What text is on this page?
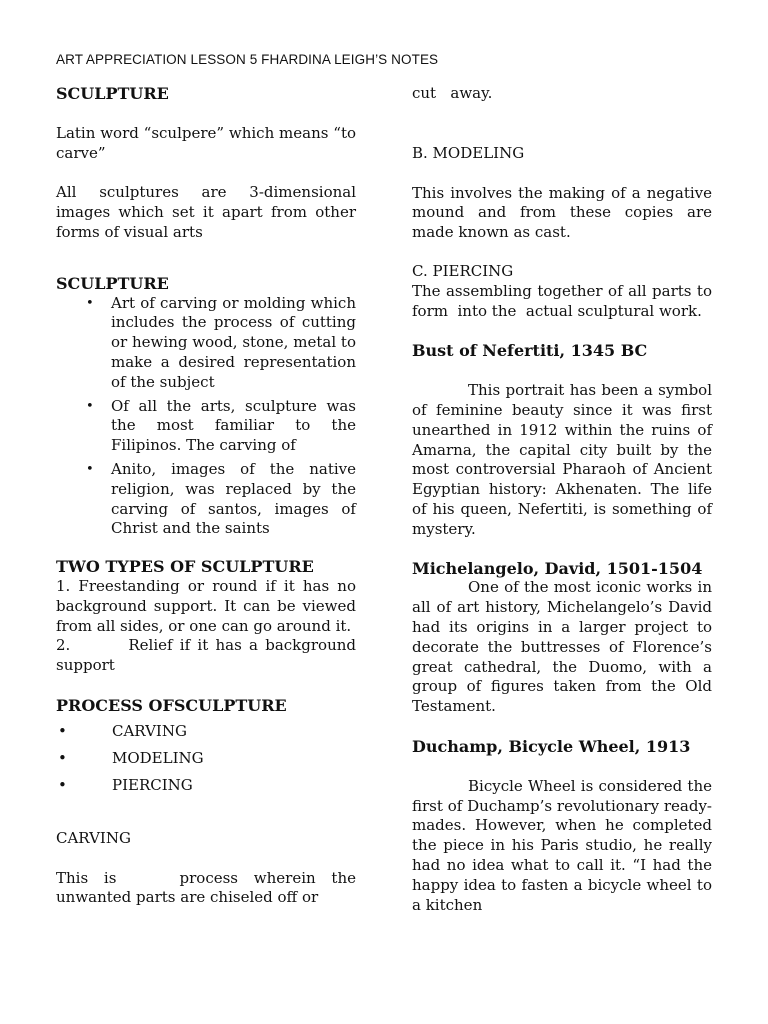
ART APPRECIATION LESSON 5 FHARDINA LEIGH’S NOTES

SCULPTURE

Latin word “sculpere” which means “to carve”

All sculptures are 3-dimensional images which set it apart from other forms of visual arts

SCULPTURE

• Art of carving or molding which includes the process of cutting or hewing wood, stone, metal to make a desired representation of the subject
• Of all the arts, sculpture was the most familiar to the Filipinos. The carving of
• Anito, images of the native religion, was replaced by the carving of santos, images of Christ and the saints

TWO TYPES OF SCULPTURE

1. Freestanding or round if it has no background support. It can be viewed from all sides, or one can go around it.

2.        Relief if it has a background support

PROCESS OFSCULPTURE

•	CARVING
•	MODELING
•	PIERCING

CARVING

This is    process wherein the unwanted parts are chiseled off or

cut   away.

B. MODELING

This involves the making of a negative mound and from these copies are made known as cast.

C. PIERCING

The assembling together of all parts to form  into the  actual sculptural work.

Bust of Nefertiti, 1345 BC

This portrait has been a symbol of feminine beauty since it was first unearthed in 1912 within the ruins of Amarna, the capital city built by the most controversial Pharaoh of Ancient Egyptian history: Akhenaten. The life of his queen, Nefertiti, is something of mystery.

Michelangelo, David, 1501-1504

One of the most iconic works in all of art history, Michelangelo’s David had its origins in a larger project to decorate the buttresses of Florence’s great cathedral, the Duomo, with a group of figures taken from the Old Testament.

Duchamp, Bicycle Wheel, 1913

Bicycle Wheel is considered the first of Duchamp’s revolutionary ready-mades. However, when he completed the piece in his Paris studio, he really had no idea what to call it. “I had the happy idea to fasten a bicycle wheel to a kitchen
